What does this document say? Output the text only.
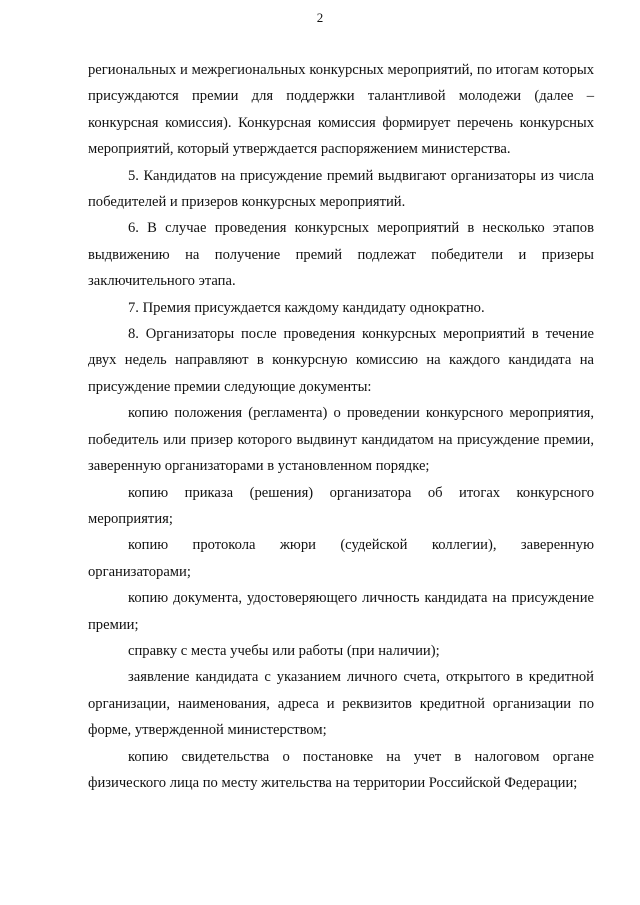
2

региональных и межрегиональных конкурсных мероприятий, по итогам которых присуждаются премии для поддержки талантливой молодежи (далее – конкурсная комиссия). Конкурсная комиссия формирует перечень конкурсных мероприятий, который утверждается распоряжением министерства.

5. Кандидатов на присуждение премий выдвигают организаторы из числа победителей и призеров конкурсных мероприятий.

6. В случае проведения конкурсных мероприятий в несколько этапов выдвижению на получение премий подлежат победители и призеры заключительного этапа.

7. Премия присуждается каждому кандидату однократно.

8. Организаторы после проведения конкурсных мероприятий в течение двух недель направляют в конкурсную комиссию на каждого кандидата на присуждение премии следующие документы:

копию положения (регламента) о проведении конкурсного мероприятия, победитель или призер которого выдвинут кандидатом на присуждение премии, заверенную организаторами в установленном порядке;

копию приказа (решения) организатора об итогах конкурсного мероприятия;

копию протокола жюри (судейской коллегии), заверенную организаторами;

копию документа, удостоверяющего личность кандидата на присуждение премии;

справку с места учебы или работы (при наличии);

заявление кандидата с указанием личного счета, открытого в кредитной организации, наименования, адреса и реквизитов кредитной организации по форме, утвержденной министерством;

копию свидетельства о постановке на учет в налоговом органе физического лица по месту жительства на территории Российской Федерации;
